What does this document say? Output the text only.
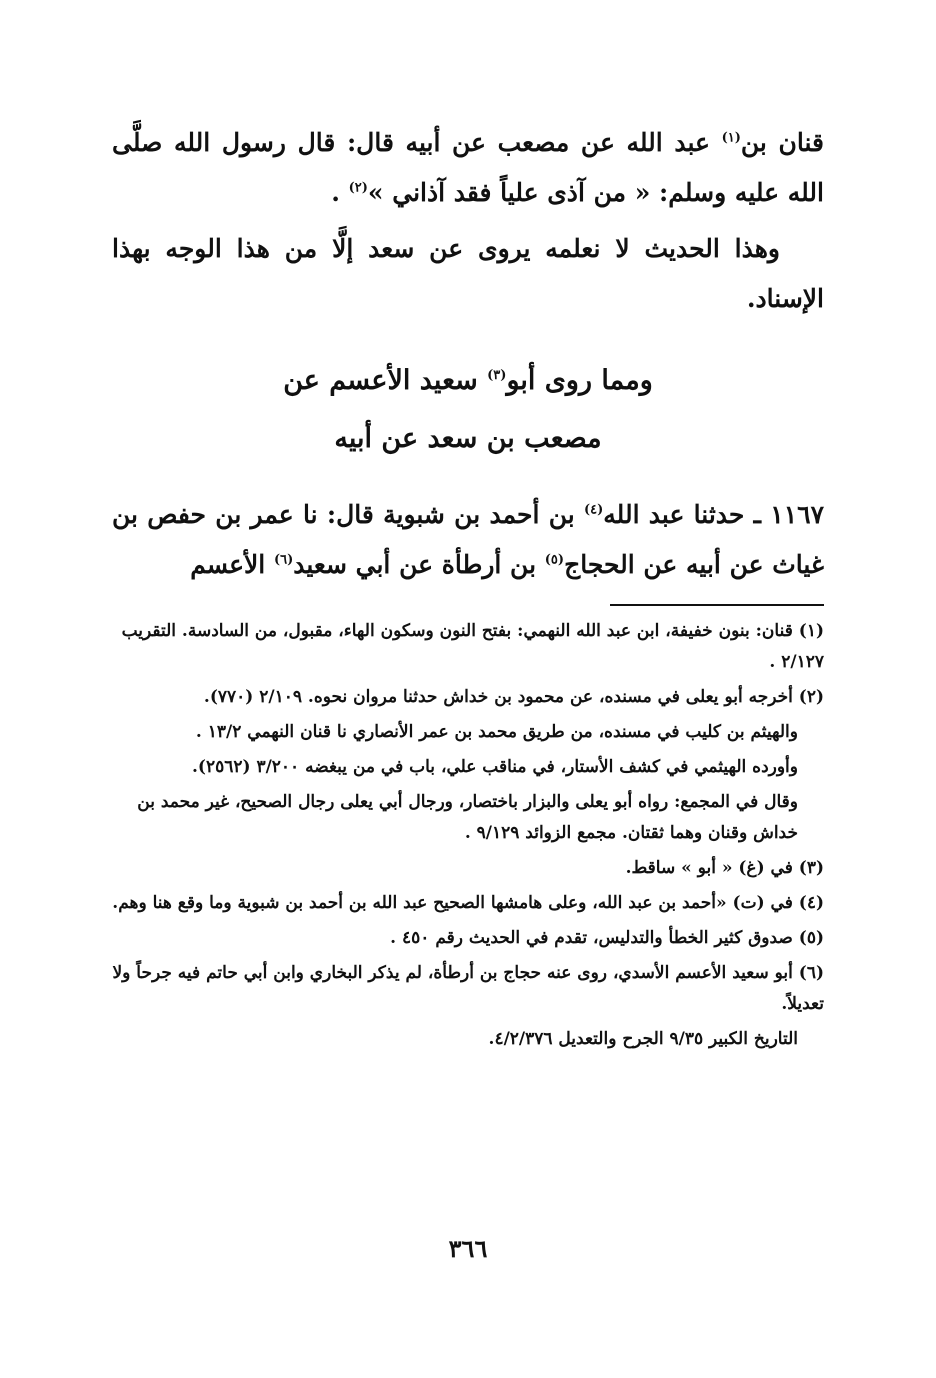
قنان بن$^{(١)}$ عبد الله عن مصعب عن أبيه قال: قال رسول الله صلَّى الله عليه وسلم: « من آذى علياً فقد آذاني »$^{(٢)}$ .

وهذا الحديث لا نعلمه يروى عن سعد إلَّا من هذا الوجه بهذا الإسناد.

ومما روى أبو$^{(٣)}$ سعيد الأعسم عن
مصعب بن سعد عن أبيه

١١٦٧ ـ حدثنا عبد الله$^{(٤)}$ بن أحمد بن شبوية قال: نا عمر بن حفص بن غياث عن أبيه عن الحجاج$^{(٥)}$ بن أرطأة عن أبي سعيد$^{(٦)}$ الأعسم

(١) قنان: بنون خفيفة، ابن عبد الله النهمي: بفتح النون وسكون الهاء، مقبول، من السادسة. التقريب ٢/١٢٧ .

(٢) أخرجه أبو يعلى في مسنده، عن محمود بن خداش حدثنا مروان نحوه. ٢/١٠٩ (٧٧٠).

والهيثم بن كليب في مسنده، من طريق محمد بن عمر الأنصاري نا قنان النهمي ١٣/٢ .

وأورده الهيثمي في كشف الأستار، في مناقب علي، باب في من يبغضه ٣/٢٠٠ (٢٥٦٢).

وقال في المجمع: رواه أبو يعلى والبزار باختصار، ورجال أبي يعلى رجال الصحيح، غير محمد بن خداش وقنان وهما ثقتان. مجمع الزوائد ٩/١٢٩ .

(٣) في (غ) « أبو » ساقط.

(٤) في (ت) «أحمد بن عبد الله، وعلى هامشها الصحيح عبد الله بن أحمد بن شبوية وما وقع هنا وهم.

(٥) صدوق كثير الخطأ والتدليس، تقدم في الحديث رقم ٤٥٠ .

(٦) أبو سعيد الأعسم الأسدي، روى عنه حجاج بن أرطأة، لم يذكر البخاري وابن أبي حاتم فيه جرحاً ولا تعديلاً.

التاريخ الكبير ٩/٣٥ الجرح والتعديل ٤/٢/٣٧٦.

٣٦٦
